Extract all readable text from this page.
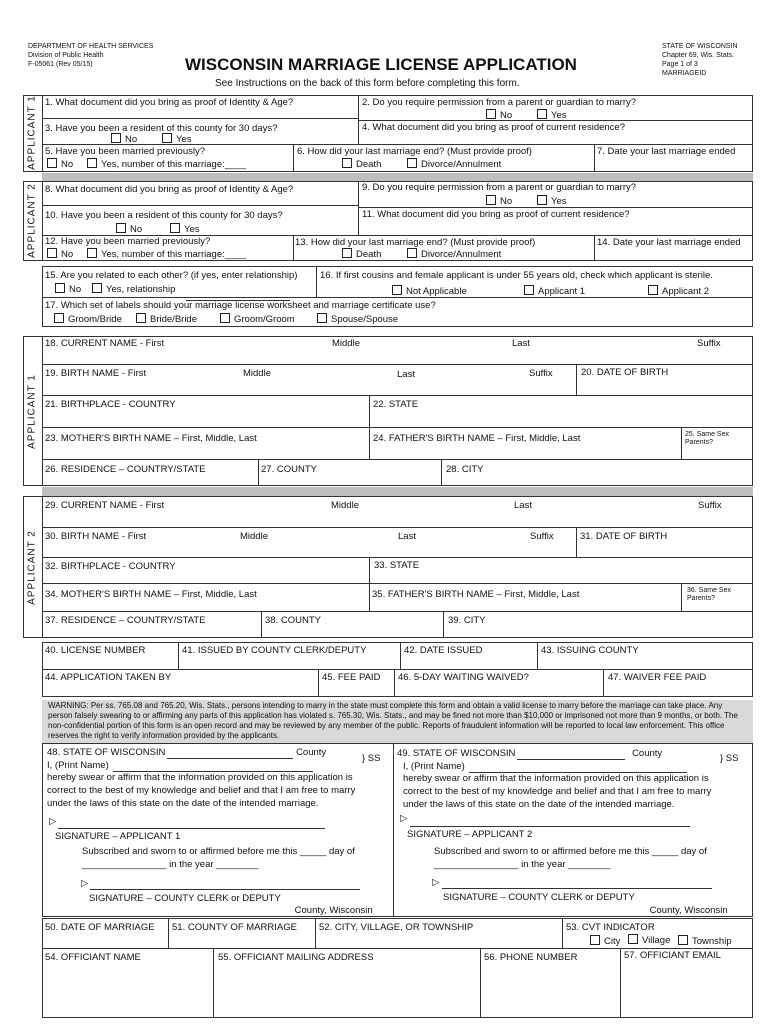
DEPARTMENT OF HEALTH SERVICES
Division of Public Health
F-05061 (Rev 05/15)	WISCONSIN MARRIAGE LICENSE APPLICATION
See Instructions on the back of this form before completing this form.
STATE OF WISCONSIN
Chapter 69, Wis. Stats.
Page 1 of 3
MARRIAGEID
APPLICANT 1 1. What document did you bring as proof of Identity & Age?	2. Do you require permission from a parent or guardian to marry?
No	Yes
3. Have you been a resident of this county for 30 days?
No	Yes
4. What document did you bring as proof of current residence?
5. Have you been married previously?
No	Yes, number of this marriage:____
6. How did your last marriage end? (Must provide proof)
Death	Divorce/Annulment
7. Date your last marriage ended
APPLICANT 2 8. What document did you bring as proof of Identity & Age?	9. Do you require permission from a parent or guardian to marry?
No	Yes
10. Have you been a resident of this county for 30 days?
No	Yes
11. What document did you bring as proof of current residence?
12. Have you been married previously?
No	Yes, number of this marriage:____
13. How did your last marriage end? (Must provide proof)
Death	Divorce/Annulment
14. Date your last marriage ended
15. Are you related to each other? (if yes, enter relationship)
No	Yes, relationship
16. If first cousins and female applicant is under 55 years old, check which applicant is sterile.
Not Applicable	Applicant 1	Applicant 2
17. Which set of labels should your marriage license worksheet and marriage certificate use?
Groom/Bride	Bride/Bride	Groom/Groom	Spouse/Spouse
APPLICANT 1
18. CURRENT NAME - First	Middle	Last	Suffix
19. BIRTH NAME - First	Middle	Last	Suffix	20. DATE OF BIRTH
21. BIRTHPLACE - COUNTRY	22. STATE
23. MOTHER'S BIRTH NAME – First, Middle, Last	24. FATHER'S BIRTH NAME – First, Middle, Last	25. Same Sex Parents?
26. RESIDENCE – COUNTRY/STATE	27. COUNTY	28. CITY
APPLICANT 2
29. CURRENT NAME - First	Middle	Last	Suffix
30. BIRTH NAME - First	Middle	Last	Suffix	31. DATE OF BIRTH
32. BIRTHPLACE - COUNTRY	33. STATE
34. MOTHER'S BIRTH NAME – First, Middle, Last	35. FATHER'S BIRTH NAME – First, Middle, Last	36. Same Sex Parents?
37. RESIDENCE – COUNTRY/STATE	38. COUNTY	39. CITY
40. LICENSE NUMBER	41. ISSUED BY COUNTY CLERK/DEPUTY	42. DATE ISSUED	43. ISSUING COUNTY
44. APPLICATION TAKEN BY	45. FEE PAID 46. 5-DAY WAITING WAIVED?	47. WAIVER FEE PAID
WARNING: Per ss. 765.08 and 765.20, Wis. Stats., persons intending to marry in the state must complete this form and obtain a valid license to marry before the marriage can take place. Any person falsely swearing to or affirming any parts of this application has violated s. 765.30, Wis. Stats., and may be fined not more than $10,000 or imprisoned not more than 9 months, or both. The non-confidential portion of this form is an open record and may be reviewed by any member of the public. Reports of fraudulent information will be reported to local law enforcement. This office reserves the right to verify information provided by the applicants.
48. STATE OF WISCONSIN	County
} SS
I, (Print Name)
hereby swear or affirm that the information provided on this application is correct to the best of my knowledge and belief and that I am free to marry under the laws of this state on the date of the intended marriage.
▷
SIGNATURE – APPLICANT 1
Subscribed and sworn to or affirmed before me this _____ day of
________________ in the year ________
▷
SIGNATURE – COUNTY CLERK or DEPUTY
County, Wisconsin
49. STATE OF WISCONSIN	County	} SS
I, (Print Name)
hereby swear or affirm that the information provided on this application is correct to the best of my knowledge and belief and that I am free to marry under the laws of this state on the date of the intended marriage.
▷
SIGNATURE – APPLICANT 2
Subscribed and sworn to or affirmed before me this _____ day of
________________ in the year ________
▷
SIGNATURE – COUNTY CLERK or DEPUTY
County, Wisconsin
50. DATE OF MARRIAGE 51. COUNTY OF MARRIAGE 52. CITY, VILLAGE, OR TOWNSHIP	53. CVT INDICATOR
City	Village	Township
54. OFFICIANT NAME	55. OFFICIANT MAILING ADDRESS	56. PHONE NUMBER	57. OFFICIANT EMAIL
